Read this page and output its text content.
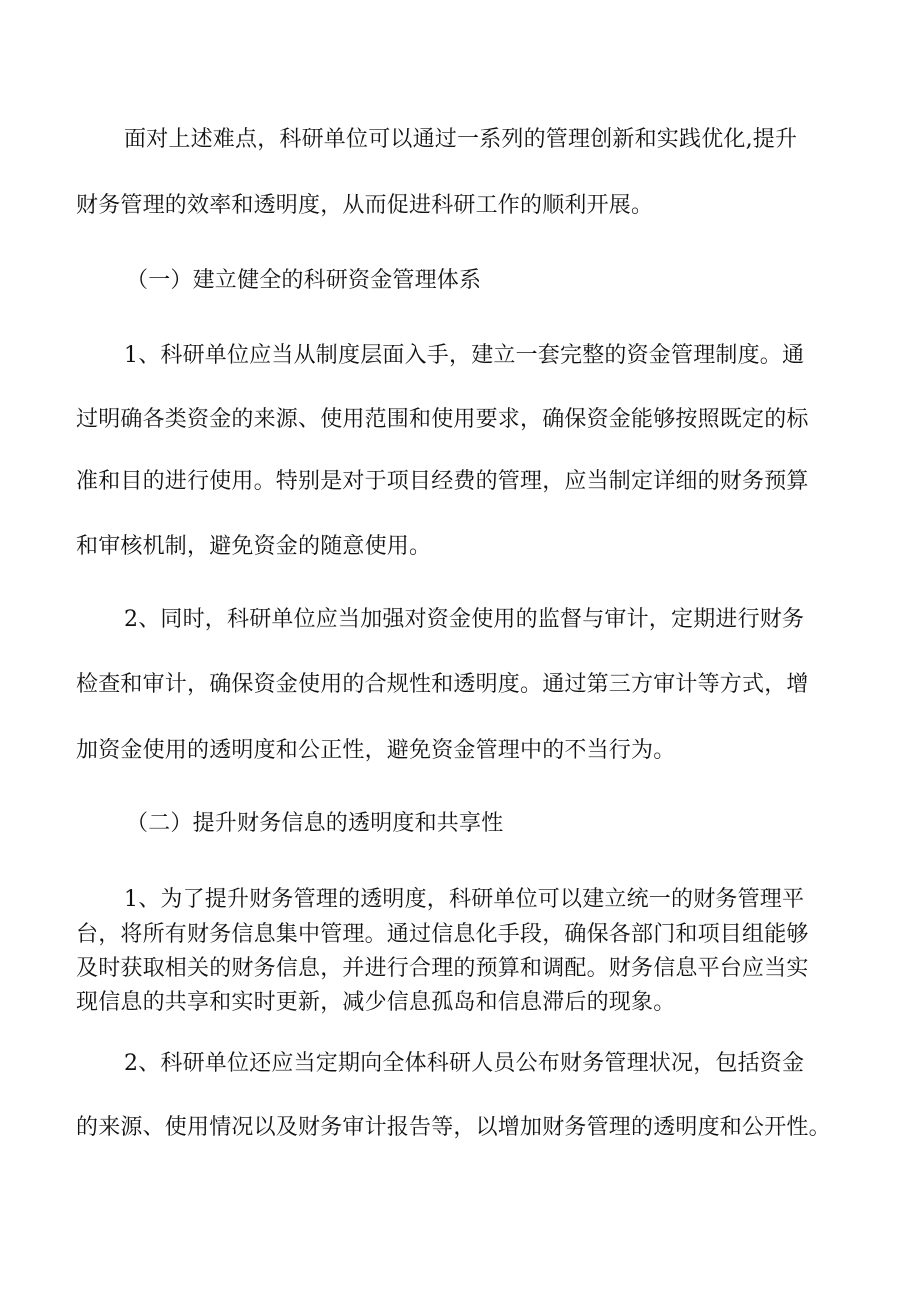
面对上述难点，科研单位可以通过一系列的管理创新和实践优化,提升
财务管理的效率和透明度，从而促进科研工作的顺利开展。
（一）建立健全的科研资金管理体系
1、科研单位应当从制度层面入手，建立一套完整的资金管理制度。通
过明确各类资金的来源、使用范围和使用要求，确保资金能够按照既定的标
准和目的进行使用。特别是对于项目经费的管理，应当制定详细的财务预算
和审核机制，避免资金的随意使用。
2、同时，科研单位应当加强对资金使用的监督与审计，定期进行财务
检查和审计，确保资金使用的合规性和透明度。通过第三方审计等方式，增
加资金使用的透明度和公正性，避免资金管理中的不当行为。
（二）提升财务信息的透明度和共享性
1、为了提升财务管理的透明度，科研单位可以建立统一的财务管理平
台，将所有财务信息集中管理。通过信息化手段，确保各部门和项目组能够
及时获取相关的财务信息，并进行合理的预算和调配。财务信息平台应当实
现信息的共享和实时更新，减少信息孤岛和信息滞后的现象。
2、科研单位还应当定期向全体科研人员公布财务管理状况，包括资金
的来源、使用情况以及财务审计报告等，以增加财务管理的透明度和公开性。
